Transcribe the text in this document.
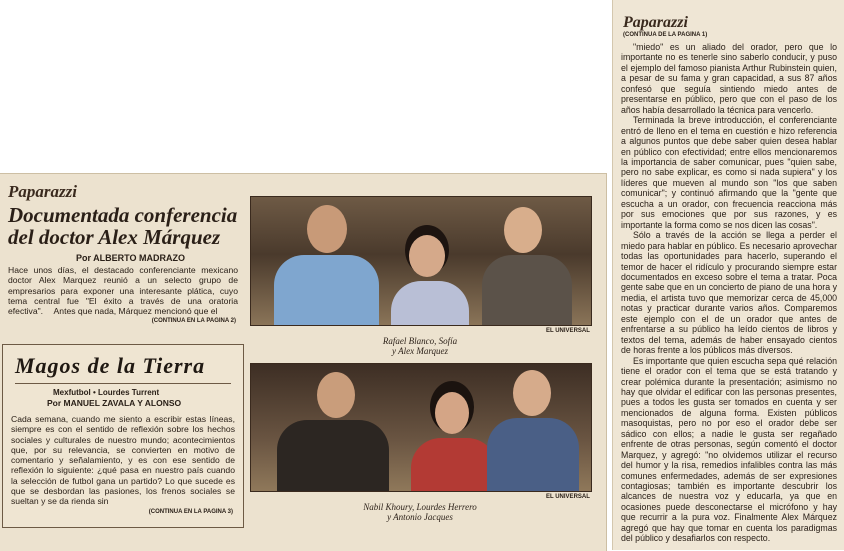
Paparazzi
Documentada conferencia del doctor Alex Márquez
Por ALBERTO MADRAZO
Hace unos días, el destacado conferenciante mexicano doctor Alex Marquez reunió a un selecto grupo de empresarios para exponer una interesante plática, cuyo tema central fue "El éxito a través de una oratoria efectiva".  Antes que nada, Márquez mencionó que el
(CONTINUA EN LA PAGINA 2)
Magos de la Tierra
Mexfutbol • Lourdes Turrent
Por MANUEL ZAVALA Y ALONSO
Cada semana, cuando me siento a escribir estas líneas, siempre es con el sentido de reflexión sobre los hechos sociales y culturales de nuestro mundo; acontecimientos que, por su relevancia, se convierten en motivo de comentario y señalamiento, y es con ese sentido de reflexión lo siguiente: ¿qué pasa en nuestro país cuando la selección de futbol gana un partido? Lo que sucede es que se desbordan las pasiones, los frenos sociales se sueltan y se da rienda sin
(CONTINUA EN LA PAGINA 3)
EL UNIVERSAL
Rafael Blanco, Sofía
y Alex Marquez
EL UNIVERSAL
Nabil Khoury, Lourdes Herrero
y Antonio Jacques
Paparazzi
(CONTINUA DE LA PAGINA 1)

"miedo" es un aliado del orador, pero que lo importante no es tenerle sino saberlo conducir, y puso el ejemplo del famoso pianista Arthur Rubinstein quien, a pesar de su fama y gran capacidad, a sus 87 años confesó que seguía sintiendo miedo antes de presentarse en público, pero que con el paso de los años había desarrollado la técnica para vencerlo.

Terminada la breve introducción, el conferenciante entró de lleno en el tema en cuestión e hizo referencia a algunos puntos que debe saber quien desea hablar en público con efectividad; entre ellos mencionaremos la importancia de saber comunicar, pues "quien sabe, pero no sabe explicar, es como si nada supiera" y los líderes que mueven al mundo son "los que saben comunicar"; y continuó afirmando que la "gente que escucha a un orador, con frecuencia reacciona más por sus emociones que por sus razones, y es importante la forma como se nos dicen las cosas".

Sólo a través de la acción se llega a perder el miedo para hablar en público. Es necesario aprovechar todas las oportunidades para hacerlo, superando el temor de hacer el ridículo y procurando siempre estar documentados en exceso sobre el tema a tratar. Poca gente sabe que en un concierto de piano de una hora y media, el artista tuvo que memorizar cerca de 45,000 notas y practicar durante varios años. Comparemos este ejemplo con el de un orador que antes de enfrentarse a su público ha leído cientos de libros y textos del tema, además de haber ensayado cientos de horas frente a los públicos más diversos.

Es importante que quien escucha sepa qué relación tiene el orador con el tema que se está tratando y crear polémica durante la presentación; asimismo no hay que olvidar el edificar con las personas presentes, pues a todos les gusta ser tomados en cuenta y ser mencionados de alguna forma. Existen públicos masoquistas, pero no por eso el orador debe ser sádico con ellos; a nadie le gusta ser regañado enfrente de otras personas, según comentó el doctor Marquez, y agregó: "no olvidemos utilizar el recurso del humor y la risa, remedios infalibles contra las más comunes enfermedades, además de ser expresiones contagiosas; también es importante descubrir los alcances de nuestra voz y educarla, ya que en ocasiones puede desconectarse el micrófono y hay que recurrir a la pura voz. Finalmente Alex Márquez agregó que hay que tomar en cuenta los paradigmas del público y desafiarlos con respecto.
